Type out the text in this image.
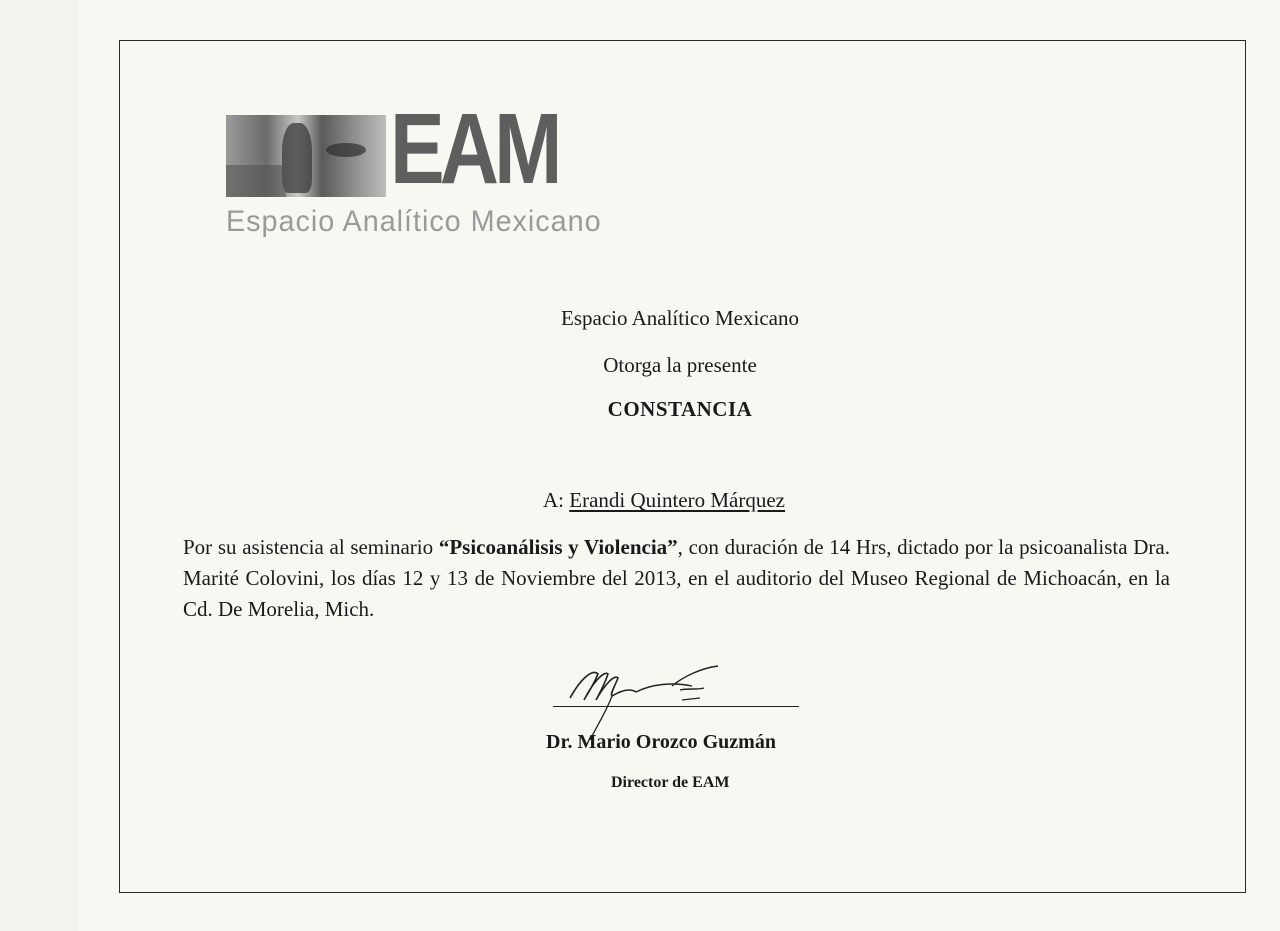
EAM
Espacio Analítico Mexicano
Espacio Analítico Mexicano
Otorga la presente
CONSTANCIA
A: Erandi Quintero Márquez
Por su asistencia al seminario “Psicoanálisis y Violencia”, con duración de 14 Hrs, dictado por la psicoanalista Dra. Marité Colovini, los días 12 y 13 de Noviembre del 2013, en el auditorio del Museo Regional de Michoacán, en la Cd. De Morelia, Mich.
Dr. Mario Orozco Guzmán
Director de EAM
